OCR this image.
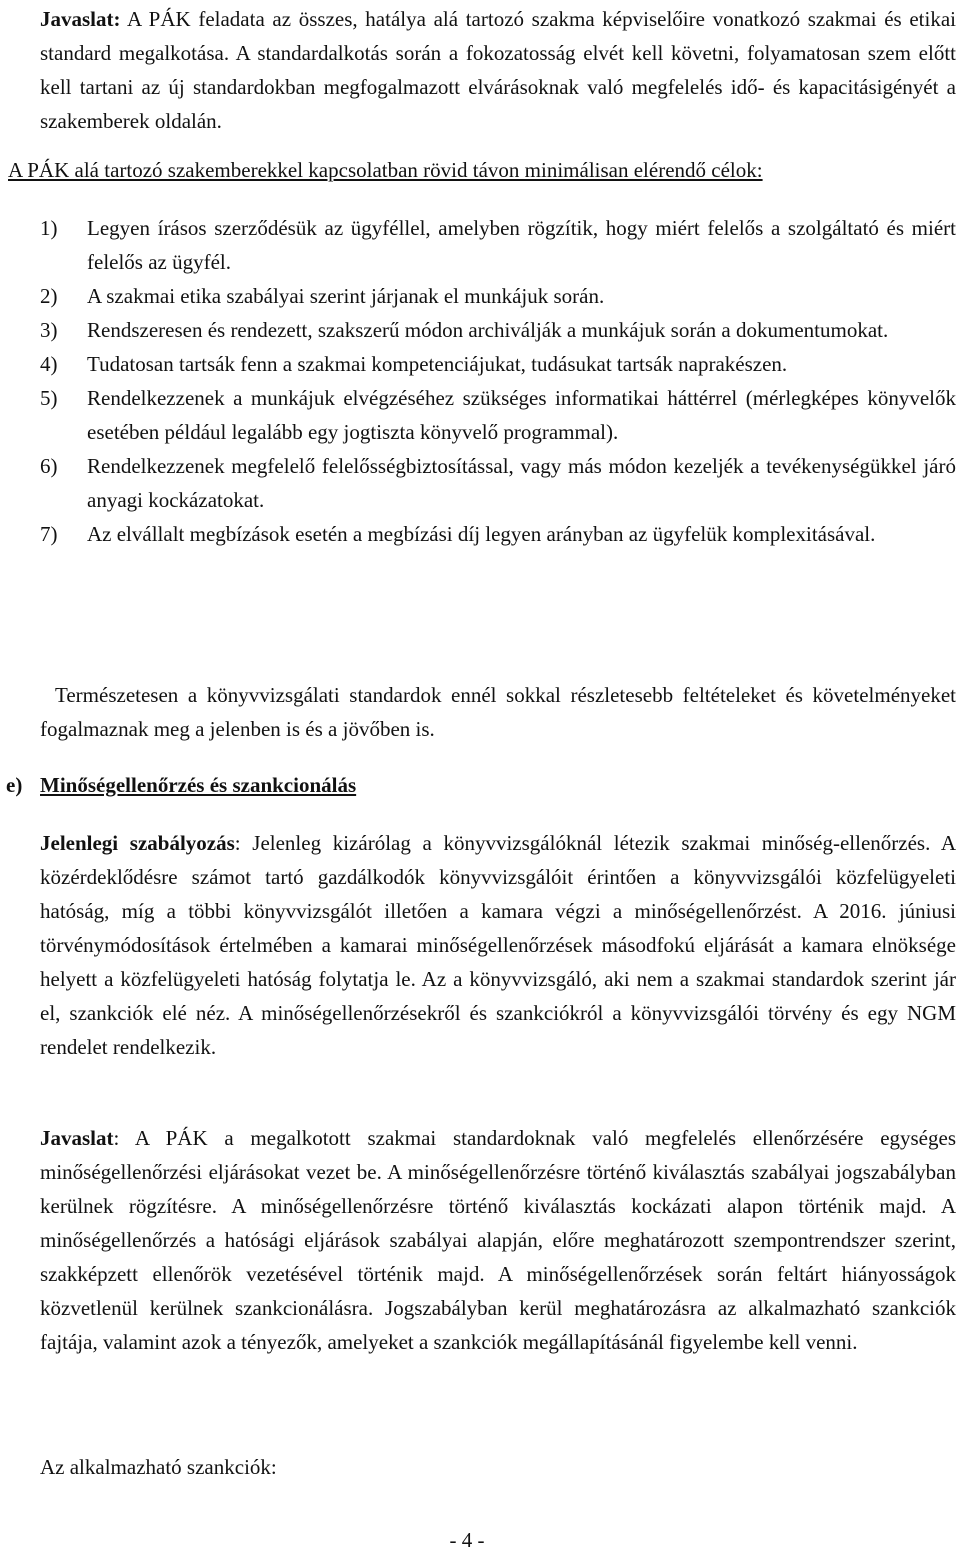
Javaslat: A PÁK feladata az összes, hatálya alá tartozó szakma képviselőire vonatkozó szakmai és etikai standard megalkotása. A standardalkotás során a fokozatosság elvét kell követni, folyamatosan szem előtt kell tartani az új standardokban megfogalmazott elvárásoknak való megfelelés idő- és kapacitásigényét a szakemberek oldalán.

A PÁK alá tartozó szakemberekkel kapcsolatban rövid távon minimálisan elérendő célok:

1) Legyen írásos szerződésük az ügyféllel, amelyben rögzítik, hogy miért felelős a szolgáltató és miért felelős az ügyfél.
2) A szakmai etika szabályai szerint járjanak el munkájuk során.
3) Rendszeresen és rendezett, szakszerű módon archiválják a munkájuk során a dokumentumokat.
4) Tudatosan tartsák fenn a szakmai kompetenciájukat, tudásukat tartsák naprakészen.
5) Rendelkezzenek a munkájuk elvégzéséhez szükséges informatikai háttérrel (mérlegképes könyvelők esetében például legalább egy jogtiszta könyvelő programmal).
6) Rendelkezzenek megfelelő felelősségbiztosítással, vagy más módon kezeljék a tevékenységükkel járó anyagi kockázatokat.
7) Az elvállalt megbízások esetén a megbízási díj legyen arányban az ügyfelük komplexitásával.

Természetesen a könyvvizsgálati standardok ennél sokkal részletesebb feltételeket és követelményeket fogalmaznak meg a jelenben is és a jövőben is.

e) Minőségellenőrzés és szankcionálás

Jelenlegi szabályozás: Jelenleg kizárólag a könyvvizsgálóknál létezik szakmai minőség-ellenőrzés. A közérdeklődésre számot tartó gazdálkodók könyvvizsgálóit érintően a könyvvizsgálói közfelügyeleti hatóság, míg a többi könyvvizsgálót illetően a kamara végzi a minőségellenőrzést. A 2016. júniusi törvénymódosítások értelmében a kamarai minőségellenőrzések másodfokú eljárását a kamara elnöksége helyett a közfelügyeleti hatóság folytatja le. Az a könyvvizsgáló, aki nem a szakmai standardok szerint jár el, szankciók elé néz. A minőségellenőrzésekről és szankciókról a könyvvizsgálói törvény és egy NGM rendelet rendelkezik.

Javaslat: A PÁK a megalkotott szakmai standardoknak való megfelelés ellenőrzésére egységes minőségellenőrzési eljárásokat vezet be. A minőségellenőrzésre történő kiválasztás szabályai jogszabályban kerülnek rögzítésre. A minőségellenőrzésre történő kiválasztás kockázati alapon történik majd. A minőségellenőrzés a hatósági eljárások szabályai alapján, előre meghatározott szempontrendszer szerint, szakképzett ellenőrök vezetésével történik majd. A minőségellenőrzések során feltárt hiányosságok közvetlenül kerülnek szankcionálásra. Jogszabályban kerül meghatározásra az alkalmazható szankciók fajtája, valamint azok a tényezők, amelyeket a szankciók megállapításánál figyelembe kell venni.

Az alkalmazható szankciók:

- 4 -
